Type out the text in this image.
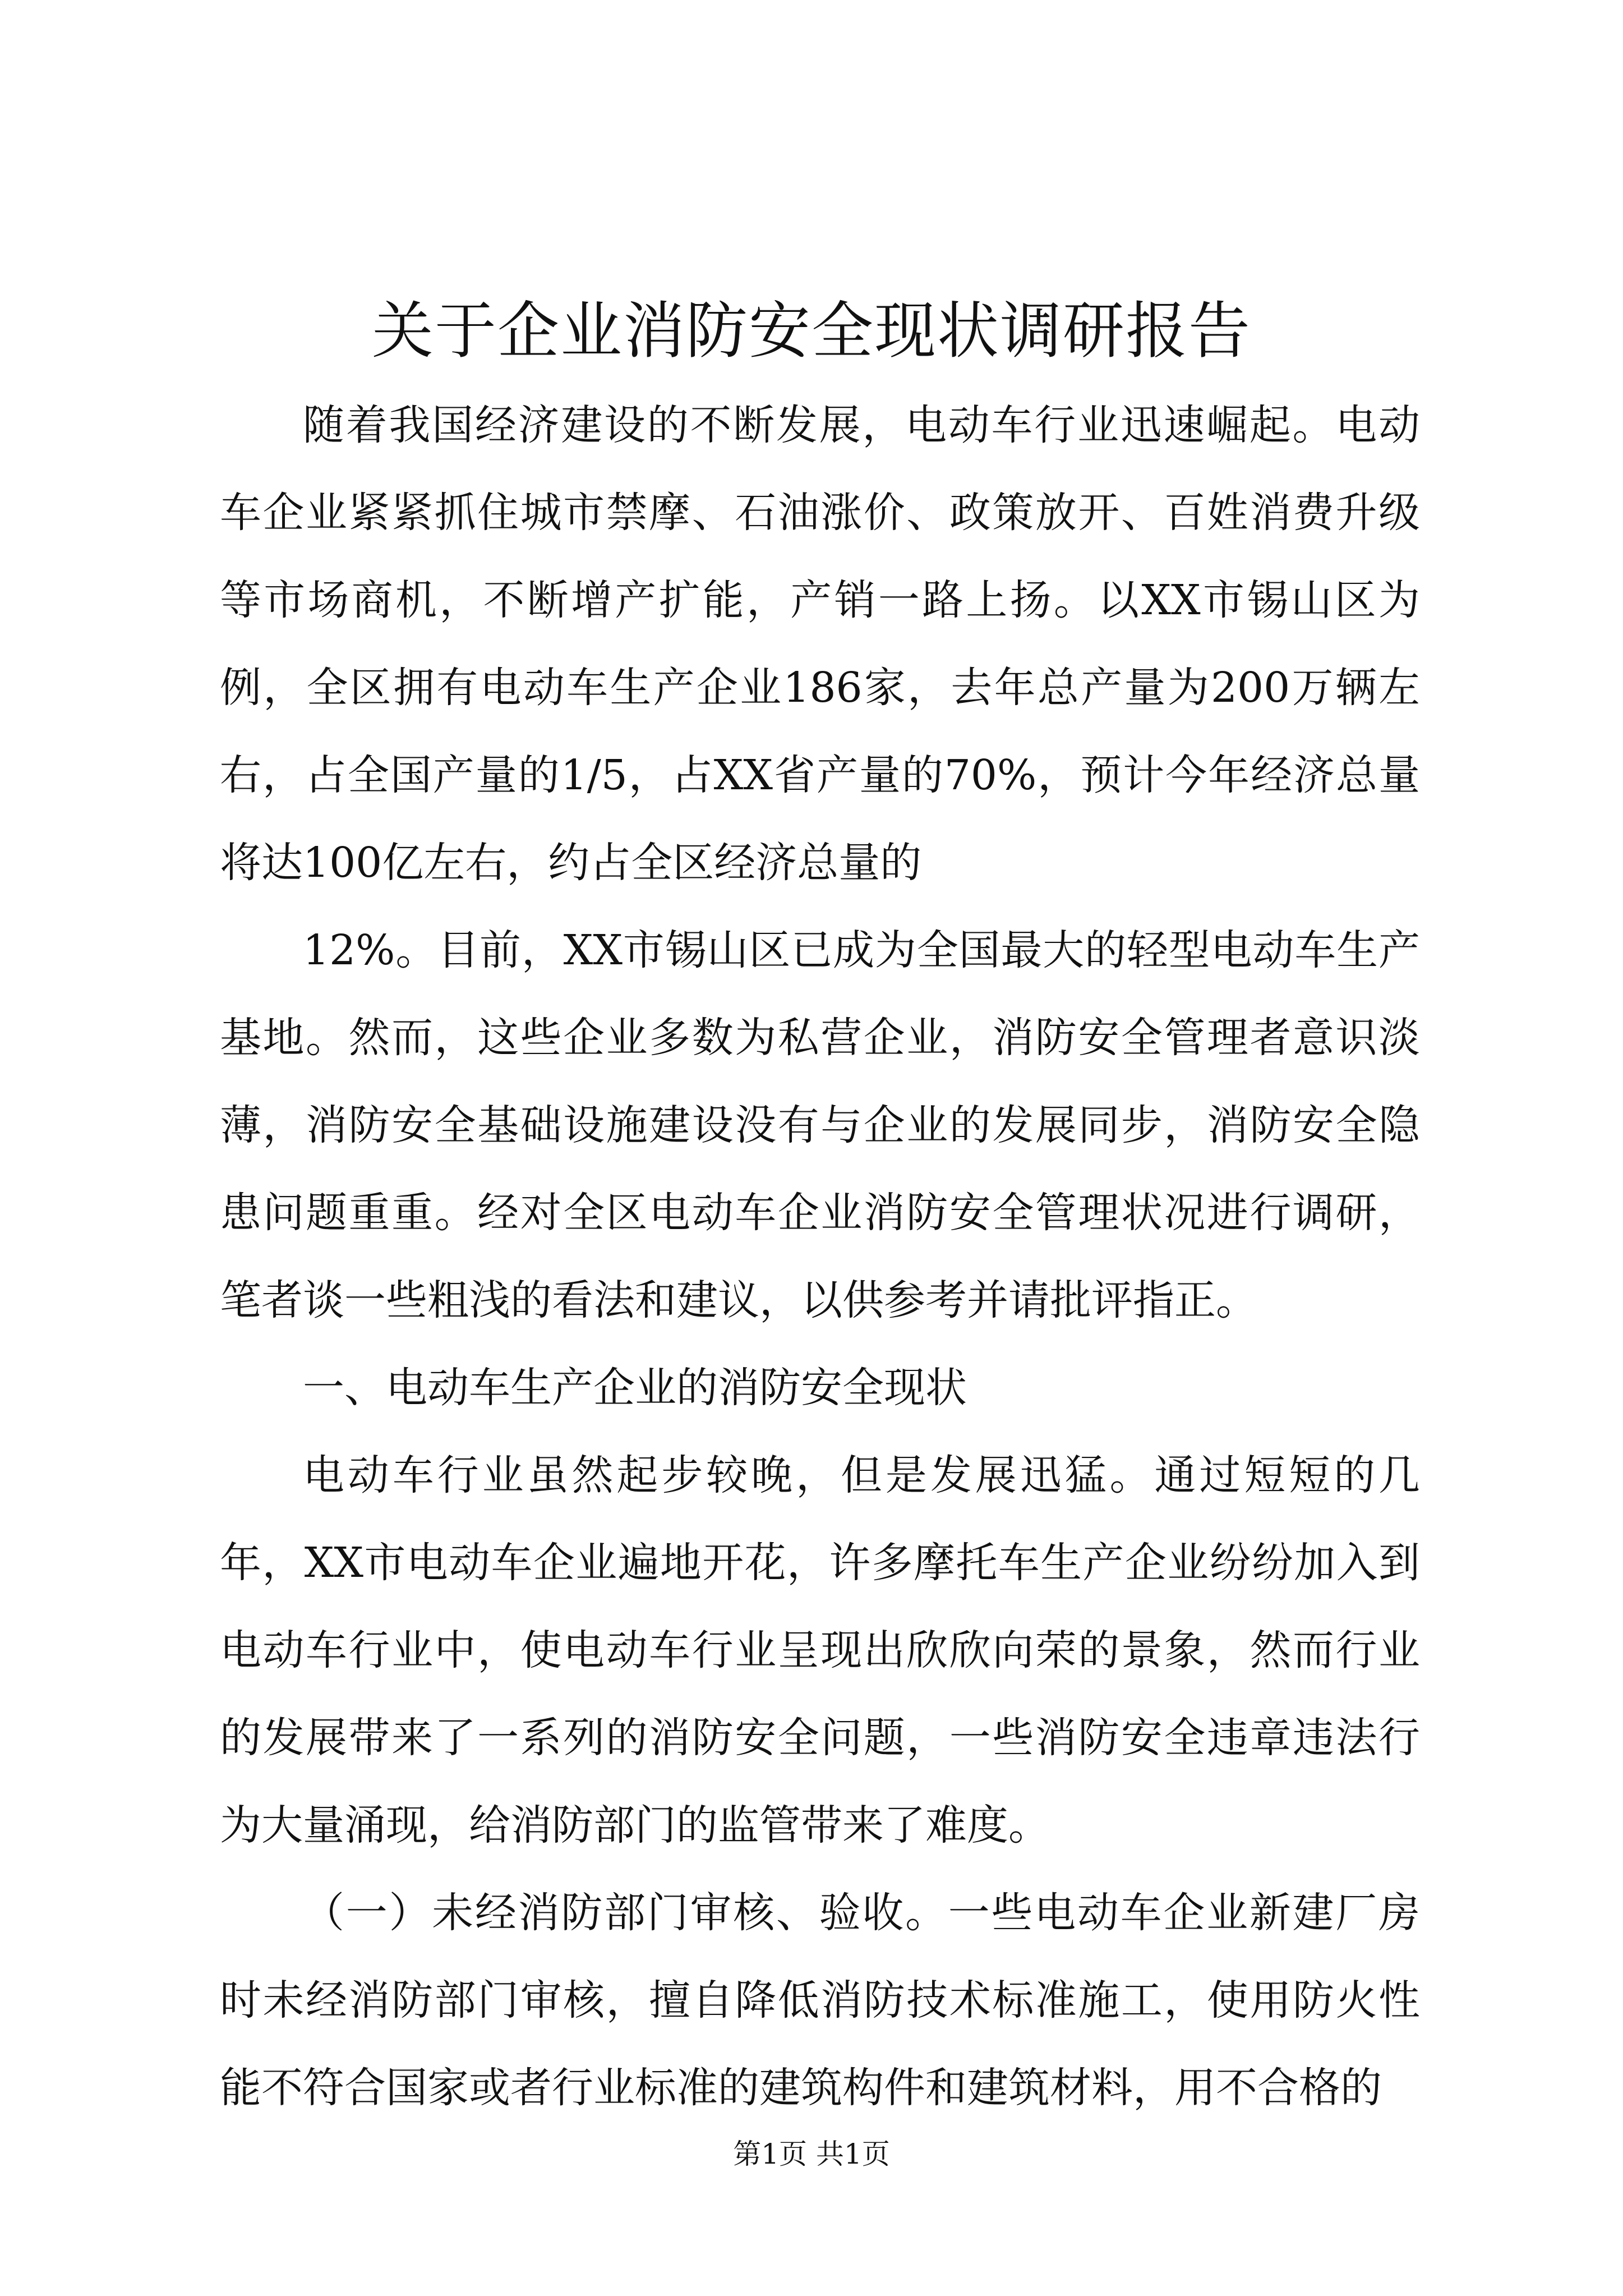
关于企业消防安全现状调研报告

随着我国经济建设的不断发展，电动车行业迅速崛起。电动车企业紧紧抓住城市禁摩、石油涨价、政策放开、百姓消费升级等市场商机，不断增产扩能，产销一路上扬。以XX市锡山区为例，全区拥有电动车生产企业186家，去年总产量为200万辆左右，占全国产量的1/5，占XX省产量的70%，预计今年经济总量将达100亿左右，约占全区经济总量的

12%。目前，XX市锡山区已成为全国最大的轻型电动车生产基地。然而，这些企业多数为私营企业，消防安全管理者意识淡薄，消防安全基础设施建设没有与企业的发展同步，消防安全隐患问题重重。经对全区电动车企业消防安全管理状况进行调研，笔者谈一些粗浅的看法和建议，以供参考并请批评指正。

一、电动车生产企业的消防安全现状

电动车行业虽然起步较晚，但是发展迅猛。通过短短的几年，XX市电动车企业遍地开花，许多摩托车生产企业纷纷加入到电动车行业中，使电动车行业呈现出欣欣向荣的景象，然而行业的发展带来了一系列的消防安全问题，一些消防安全违章违法行为大量涌现，给消防部门的监管带来了难度。

（一）未经消防部门审核、验收。一些电动车企业新建厂房时未经消防部门审核，擅自降低消防技术标准施工，使用防火性能不符合国家或者行业标准的建筑构件和建筑材料，用不合格的

第1页 共1页
